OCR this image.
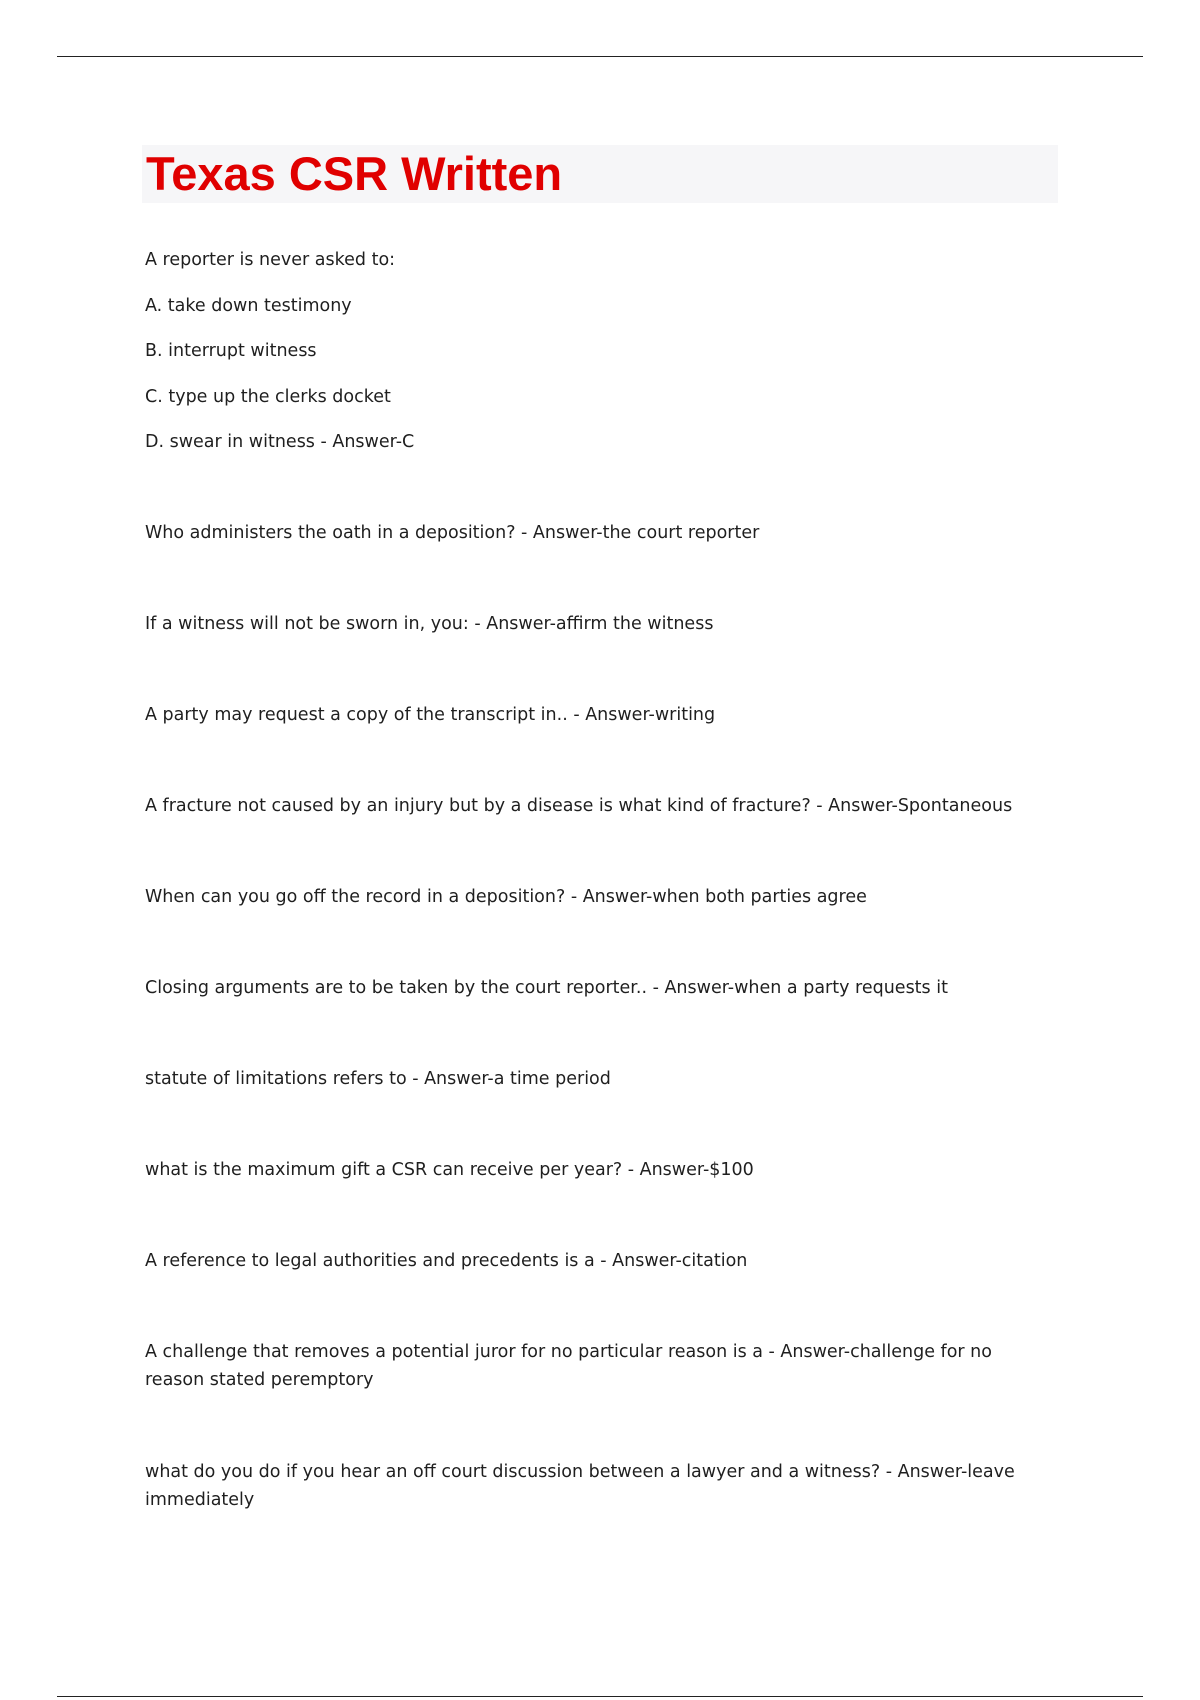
Texas CSR Written

A reporter is never asked to:

A. take down testimony

B. interrupt witness

C. type up the clerks docket

D. swear in witness - Answer-C

Who administers the oath in a deposition? - Answer-the court reporter

If a witness will not be sworn in, you: - Answer-affirm the witness

A party may request a copy of the transcript in.. - Answer-writing

A fracture not caused by an injury but by a disease is what kind of fracture? - Answer-Spontaneous

When can you go off the record in a deposition? - Answer-when both parties agree

Closing arguments are to be taken by the court reporter.. - Answer-when a party requests it

statute of limitations refers to - Answer-a time period

what is the maximum gift a CSR can receive per year? - Answer-$100

A reference to legal authorities and precedents is a - Answer-citation

A challenge that removes a potential juror for no particular reason is a - Answer-challenge for no

reason stated peremptory

what do you do if you hear an off court discussion between a lawyer and a witness? - Answer-leave

immediately
